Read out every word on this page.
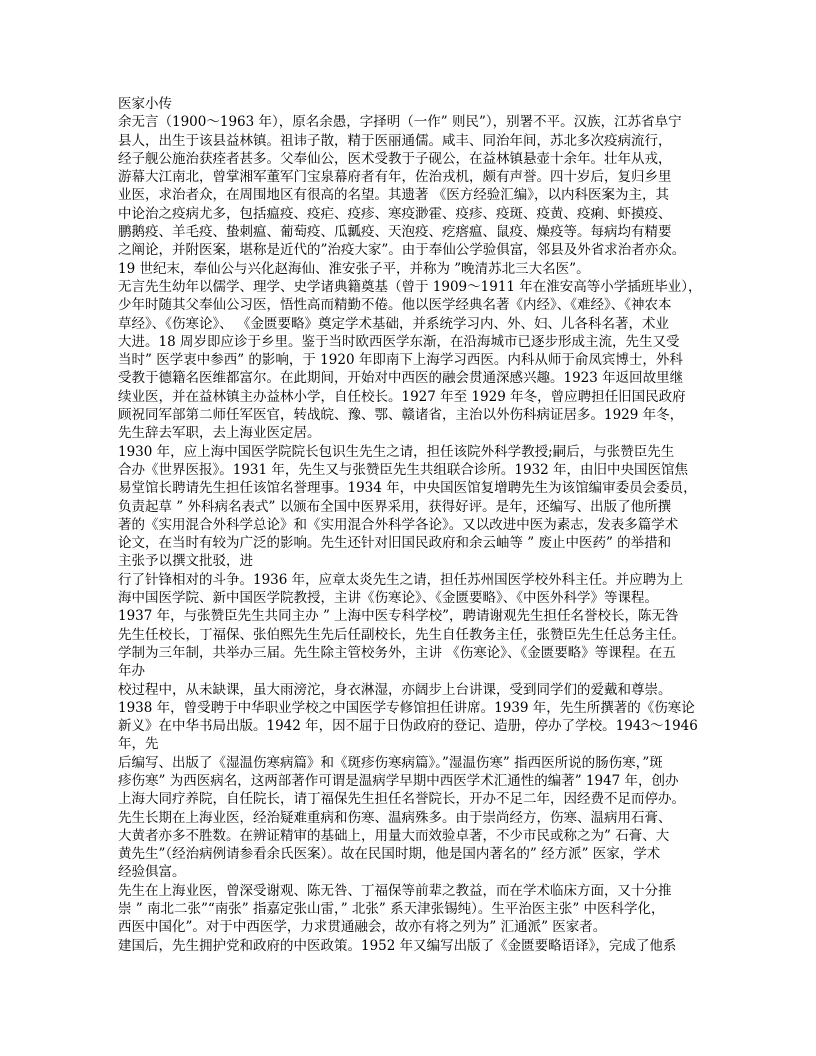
医家小传
余无言（1900～1963 年），原名余愚，字择明（一作” 则民”），别署不平。汉族，江苏省阜宁
县人，出生于该县益林镇。祖讳子散，精于医丽通儒。咸丰、同治年间，苏北多次疫病流行，
经子舰公施治获痊者甚多。父奉仙公，医术受教于子砚公，在益林镇悬壶十余年。壮年从戎，
游幕大江南北，曾掌湘军董军门宝泉幕府者有年，佐治戎机，颇有声誉。四十岁后，复归乡里
业医，求治者众，在周围地区有很高的名望。其遗著 《医方经验汇编》，以内科医案为主，其
中论治之疫病尤多，包括瘟疫、疫疟、疫疹、寒疫渺霍、疫疹、疫斑、疫黄、疫痢、虾摸疫、
鹏鹅疫、羊毛疫、蛰刺瘟、葡萄疫、瓜瓤疫、天泡疫、疙瘩瘟、鼠疫、燥疫等。每病均有精要
之阐论，并附医案，堪称是近代的”治疫大家”。由于奉仙公学验俱富，邻县及外省求治者亦众。
19 世纪末，奉仙公与兴化赵海仙、淮安张子平，并称为 ”晚清苏北三大名医”。
无言先生幼年以儒学、理学、史学诸典籍奠基（曾于 1909～1911 年在淮安高等小学插班毕业），
少年时随其父奉仙公习医，悟性高而精勤不倦。他以医学经典名著《内经》、《难经》、《神农本
草经》、《伤寒论》、 《金匮要略》奠定学术基础，并系统学习内、外、妇、儿各科名著，术业
大进。18 周岁即应诊于乡里。鉴于当时欧西医学东渐，在沿海城市已逐步形成主流，先生又受
当时” 医学衷中参西” 的影响，于 1920 年即南下上海学习西医。内科从师于俞凤宾博士，外科
受教于德籍名医维都富尔。在此期间，开始对中西医的融会贯通深感兴趣。1923 年返回故里继
续业医，并在益林镇主办益林小学，自任校长。1927 年至 1929 年冬，曾应聘担任旧国民政府
顾祝同军部第二师任军医官，转战皖、豫、鄂、赣诸省，主治以外伤科病证居多。1929 年冬，
先生辞去军职，去上海业医定居。
1930 年，应上海中国医学院院长包识生先生之请，担任该院外科学教授;嗣后，与张赞臣先生
合办《世界医报》。1931 年，先生又与张赞臣先生共组联合诊所。1932 年，由旧中央国医馆焦
易堂馆长聘请先生担任该馆名誉理事。1934 年，中央国医馆复增聘先生为该馆编审委员会委员，
负责起草 ” 外科病名表式” 以颁布全国中医界采用，获得好评。是年，还编写、出版了他所撰
著的《实用混合外科学总论》和《实用混合外科学各论》。又以改进中医为素志，发表多篇学术
论文，在当时有较为广泛的影响。先生还针对旧国民政府和余云岫等 ” 废止中医药” 的举措和
主张予以撰文批驳，进
行了针锋相对的斗争。1936 年，应章太炎先生之请，担任苏州国医学校外科主任。并应聘为上
海中国医学院、新中国医学院教授，主讲《伤寒论》、《金匮要略》、《中医外科学》等课程。
1937 年，与张赞臣先生共同主办 ” 上海中医专科学校”，聘请谢观先生担任名誉校长，陈无咎
先生任校长，丁福保、张伯熙先生先后任副校长，先生自任教务主任，张赞臣先生任总务主任。
学制为三年制，共举办三届。先生除主管校务外，主讲 《伤寒论》、《金匮要略》等课程。在五
年办
校过程中，从未缺课，虽大雨滂沱，身衣淋湿，亦阔步上台讲课，受到同学们的爱戴和尊崇。
1938 年，曾受聘于中华职业学校之中国医学专修馆担任讲席。1939 年，先生所撰著的《伤寒论
新义》在中华书局出版。1942 年，因不屈于日伪政府的登记、造册，停办了学校。1943～1946
年，先
后编写、出版了《湿温伤寒病篇》和《斑疹伤寒病篇》。”湿温伤寒” 指西医所说的肠伤寒，”斑
疹伤寒” 为西医病名，这两部著作可谓是温病学早期中西医学术汇通性的编著” 1947 年，创办
上海大同疗养院，自任院长，请丁福保先生担任名誉院长，开办不足二年，因经费不足而停办。
先生长期在上海业医，经治疑难重病和伤寒、温病殊多。由于崇尚经方，伤寒、温病用石膏、
大黄者亦多不胜数。在辨证精审的基础上，用量大而效验卓著，不少市民或称之为” 石膏、大
黄先生”（经治病例请参看余氏医案）。故在民国时期，他是国内著名的” 经方派” 医家，学术
经验俱富。
先生在上海业医，曾深受谢观、陈无咎、丁福保等前辈之教益，而在学术临床方面，又十分推
崇 ” 南北二张”“南张” 指嘉定张山雷，” 北张” 系天津张锡纯）。生平治医主张” 中医科学化，
西医中国化”。对于中西医学，力求贯通融会，故亦有将之列为” 汇通派” 医家者。
建国后，先生拥护党和政府的中医政策。1952 年又编写出版了《金匮要略语译》，完成了他系
